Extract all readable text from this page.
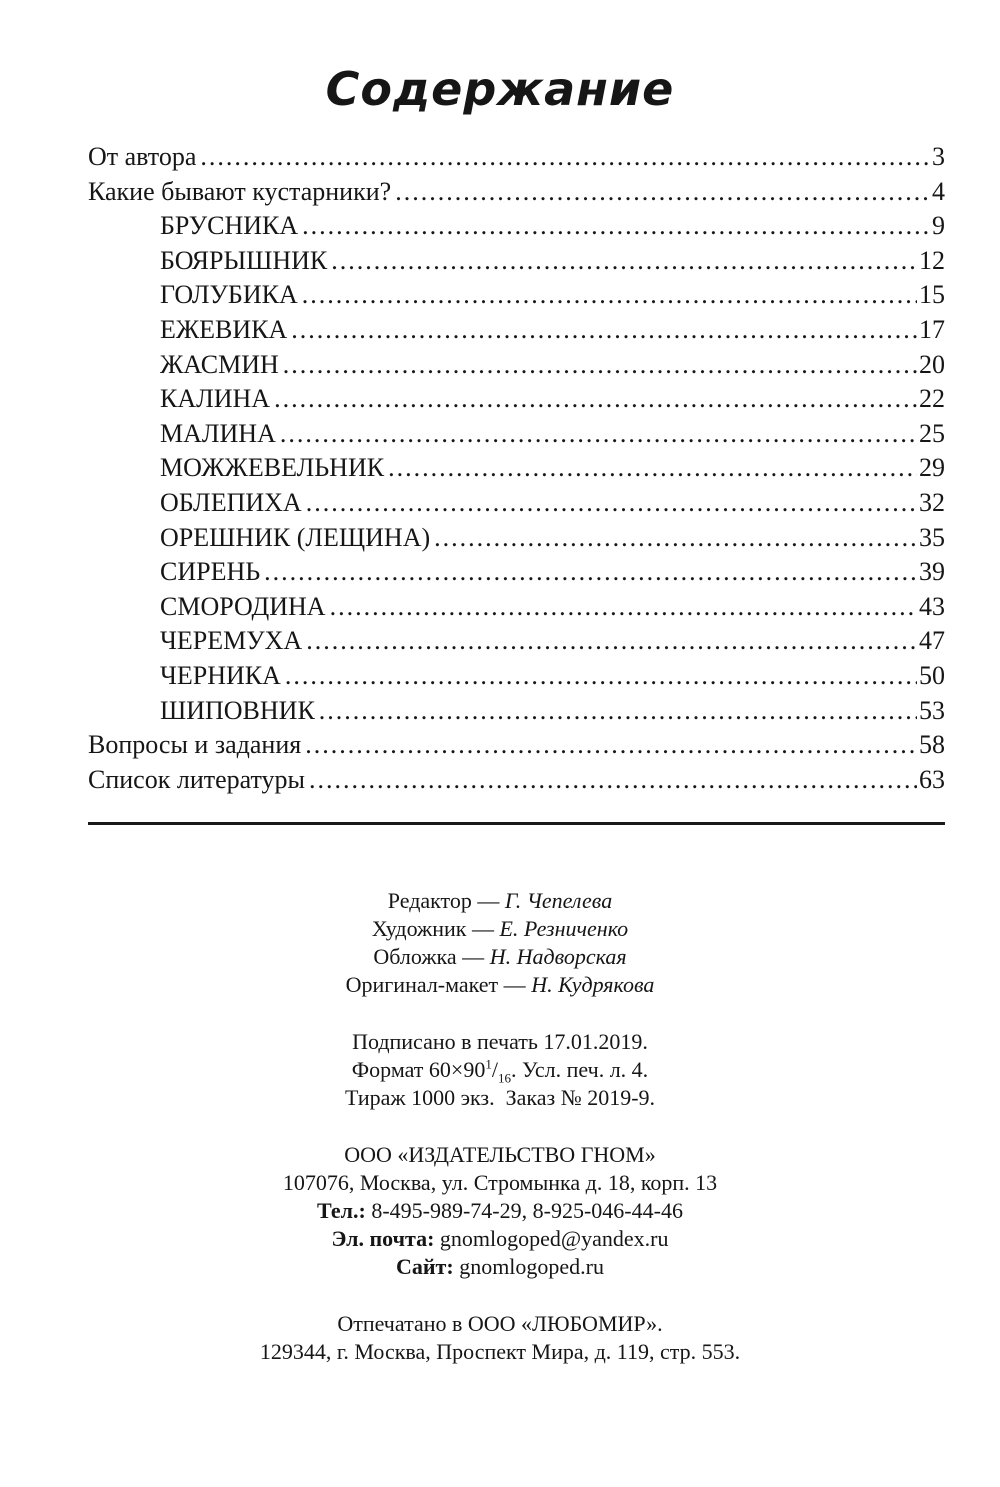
Содержание
От автора .....	3
Какие бывают кустарники? .....	4
БРУСНИКА .....	9
БОЯРЫШНИК .....	12
ГОЛУБИКА .....	15
ЕЖЕВИКА .....	17
ЖАСМИН .....	20
КАЛИНА .....	22
МАЛИНА .....	25
МОЖЖЕВЕЛЬНИК .....	29
ОБЛЕПИХА .....	32
ОРЕШНИК (ЛЕЩИНА) .....	35
СИРЕНЬ .....	39
СМОРОДИНА .....	43
ЧЕРЕМУХА .....	47
ЧЕРНИКА .....	50
ШИПОВНИК .....	53
Вопросы и задания .....	58
Список литературы .....	63
Редактор — Г. Чепелева
Художник — Е. Резниченко
Обложка — Н. Надворская
Оригинал-макет — Н. Кудрякова
Подписано в печать 17.01.2019.
Формат $60\times 90^1/_{16}$. Усл. печ. л. 4.
Тираж 1000 экз.  Заказ № 2019-9.
ООО «ИЗДАТЕЛЬСТВО ГНОМ»
107076, Москва, ул. Стромынка д. 18, корп. 13
Тел.: 8-495-989-74-29, 8-925-046-44-46
Эл. почта: gnomlogoped@yandex.ru
Сайт: gnomlogoped.ru
Отпечатано в ООО «ЛЮБОМИР».
129344, г. Москва, Проспект Мира, д. 119, стр. 553.
